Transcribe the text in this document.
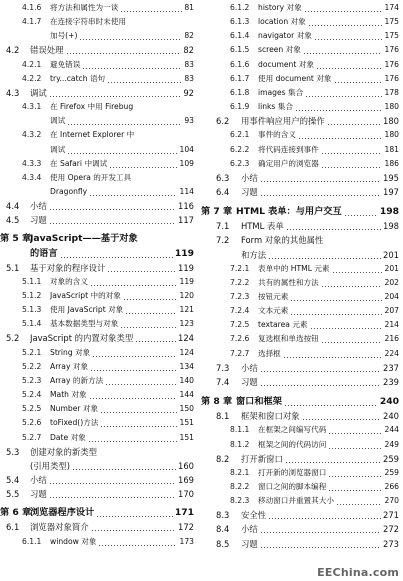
4.1.6 将方法和属性为一谈	81
4.1.7 在连接字符串时未使用
加号(+)	82
4.2 错误处理	82
4.2.1 避免错误	83
4.2.2 try...catch 语句	83
4.3 调试	92
4.3.1 在 Firefox 中用 Firebug
调试	93
4.3.2 在 Internet Explorer 中
调试	104
4.3.3 在 Safari 中调试	109
4.3.4 使用 Opera 的开发工具
Dragonfly	114
4.4 小结	116
4.5 习题	117
第 5 章
JavaScript——基于对象
的语言	119
5.1 基于对象的程序设计	119
5.1.1 对象的含义	119
5.1.2 JavaScript 中的对象	120
5.1.3 使用 JavaScript 对象	121
5.1.4 基本数据类型与对象	123
5.2 JavaScript 的内置对象类型	124
5.2.1 String 对象	124
5.2.2 Array 对象	134
5.2.3 Array 的新方法	140
5.2.4 Math 对象	144
5.2.5 Number 对象	150
5.2.6 toFixed()方法	151
5.2.7 Date 对象	151
5.3 创建对象的新类型
(引用类型)	160
5.4 小结	169
5.5 习题	170
第 6 章
浏览器程序设计	171
6.1 浏览器对象简介	172
6.1.1 window 对象	173
6.1.2 history 对象	174
6.1.3 location 对象	175
6.1.4 navigator 对象	175
6.1.5 screen 对象	176
6.1.6 document 对象	176
6.1.7 使用 document 对象	176
6.1.8 images 集合	178
6.1.9 links 集合	180
6.2 用事件响应用户的操作	180
6.2.1 事件的含义	180
6.2.2 将代码连接到事件	181
6.2.3 确定用户的浏览器	186
6.3 小结	195
6.4 习题	197
第 7 章 HTML 表单：与用户交互	198
7.1 HTML 表单	198
7.2 Form 对象的其他属性
和方法	201
7.2.1 表单中的 HTML 元素	201
7.2.2 共有的属性和方法	202
7.2.3 按钮元素	204
7.2.4 文本元素	207
7.2.5 textarea 元素	214
7.2.6 复选框和单选按钮	216
7.2.7 选择框	224
7.3 小结	237
7.4 习题	239
第 8 章 窗口和框架	240
8.1 框架和窗口对象	240
8.1.1 在框架之间编写代码	244
8.1.2 框架之间的代码访问	249
8.2 打开新窗口	259
8.2.1 打开新的浏览器窗口	259
8.2.2 窗口之间的脚本编程	266
8.2.3 移动窗口并重置其大小	270
8.3 安全性	271
8.4 小结	272
8.5 习题	273
EEChina.com
